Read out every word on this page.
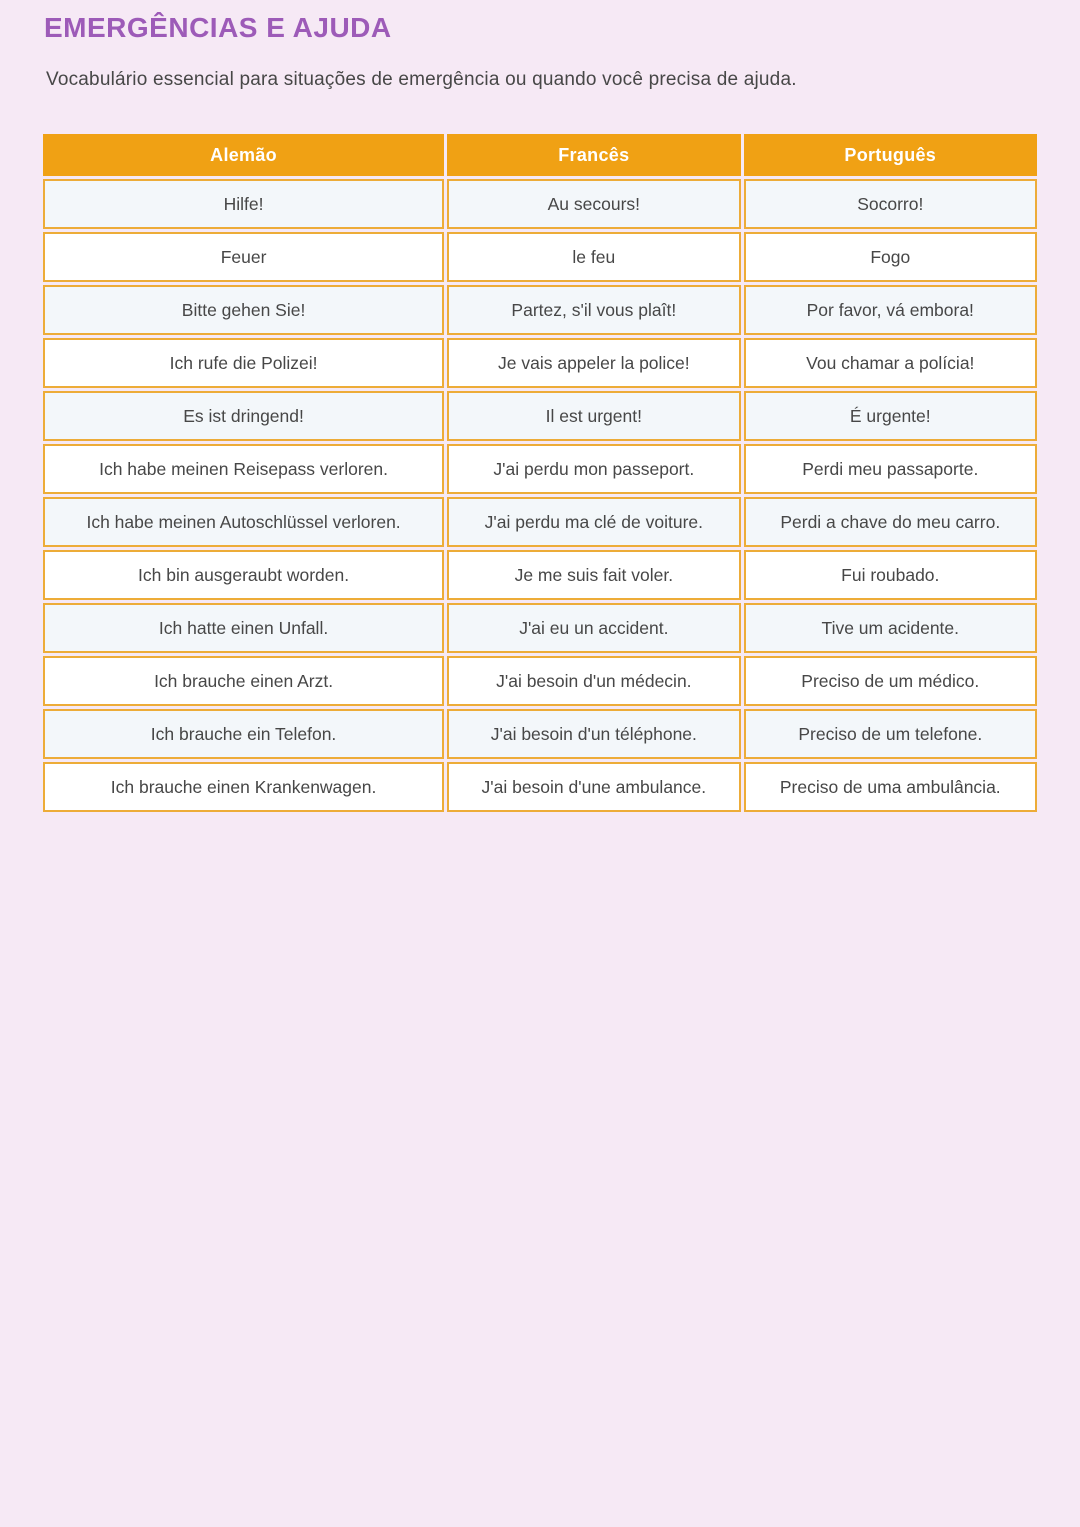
EMERGÊNCIAS E AJUDA

Vocabulário essencial para situações de emergência ou quando você precisa de ajuda.

Alemão	Francês	Português
Hilfe!	Au secours!	Socorro!
Feuer	le feu	Fogo
Bitte gehen Sie!	Partez, s'il vous plaît!	Por favor, vá embora!
Ich rufe die Polizei!	Je vais appeler la police!	Vou chamar a polícia!
Es ist dringend!	Il est urgent!	É urgente!
Ich habe meinen Reisepass verloren.	J'ai perdu mon passeport.	Perdi meu passaporte.
Ich habe meinen Autoschlüssel verloren.	J'ai perdu ma clé de voiture.	Perdi a chave do meu carro.
Ich bin ausgeraubt worden.	Je me suis fait voler.	Fui roubado.
Ich hatte einen Unfall.	J'ai eu un accident.	Tive um acidente.
Ich brauche einen Arzt.	J'ai besoin d'un médecin.	Preciso de um médico.
Ich brauche ein Telefon.	J'ai besoin d'un téléphone.	Preciso de um telefone.
Ich brauche einen Krankenwagen.	J'ai besoin d'une ambulance.	Preciso de uma ambulância.
